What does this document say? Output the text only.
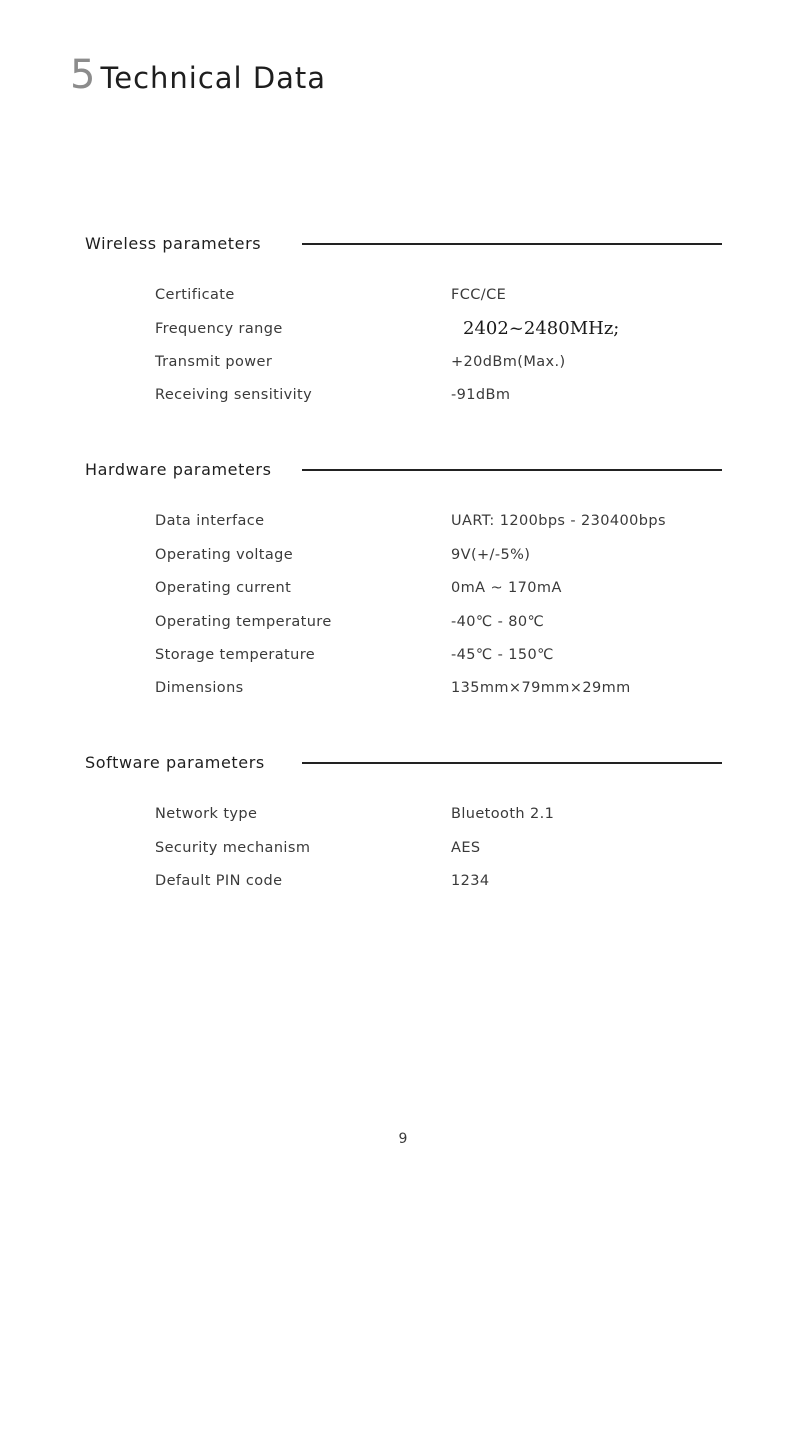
5 Technical Data
Wireless parameters
Certificate	FCC/CE
Frequency range	2402~2480MHz;
Transmit power	+20dBm(Max.)
Receiving sensitivity	-91dBm
Hardware parameters
Data interface	UART: 1200bps - 230400bps
Operating voltage	9V(+/-5%)
Operating current	0mA ~ 170mA
Operating temperature	-40℃ - 80℃
Storage temperature	-45℃ - 150℃
Dimensions	135mm×79mm×29mm
Software parameters
Network type	Bluetooth 2.1
Security mechanism	AES
Default PIN code	1234
9
